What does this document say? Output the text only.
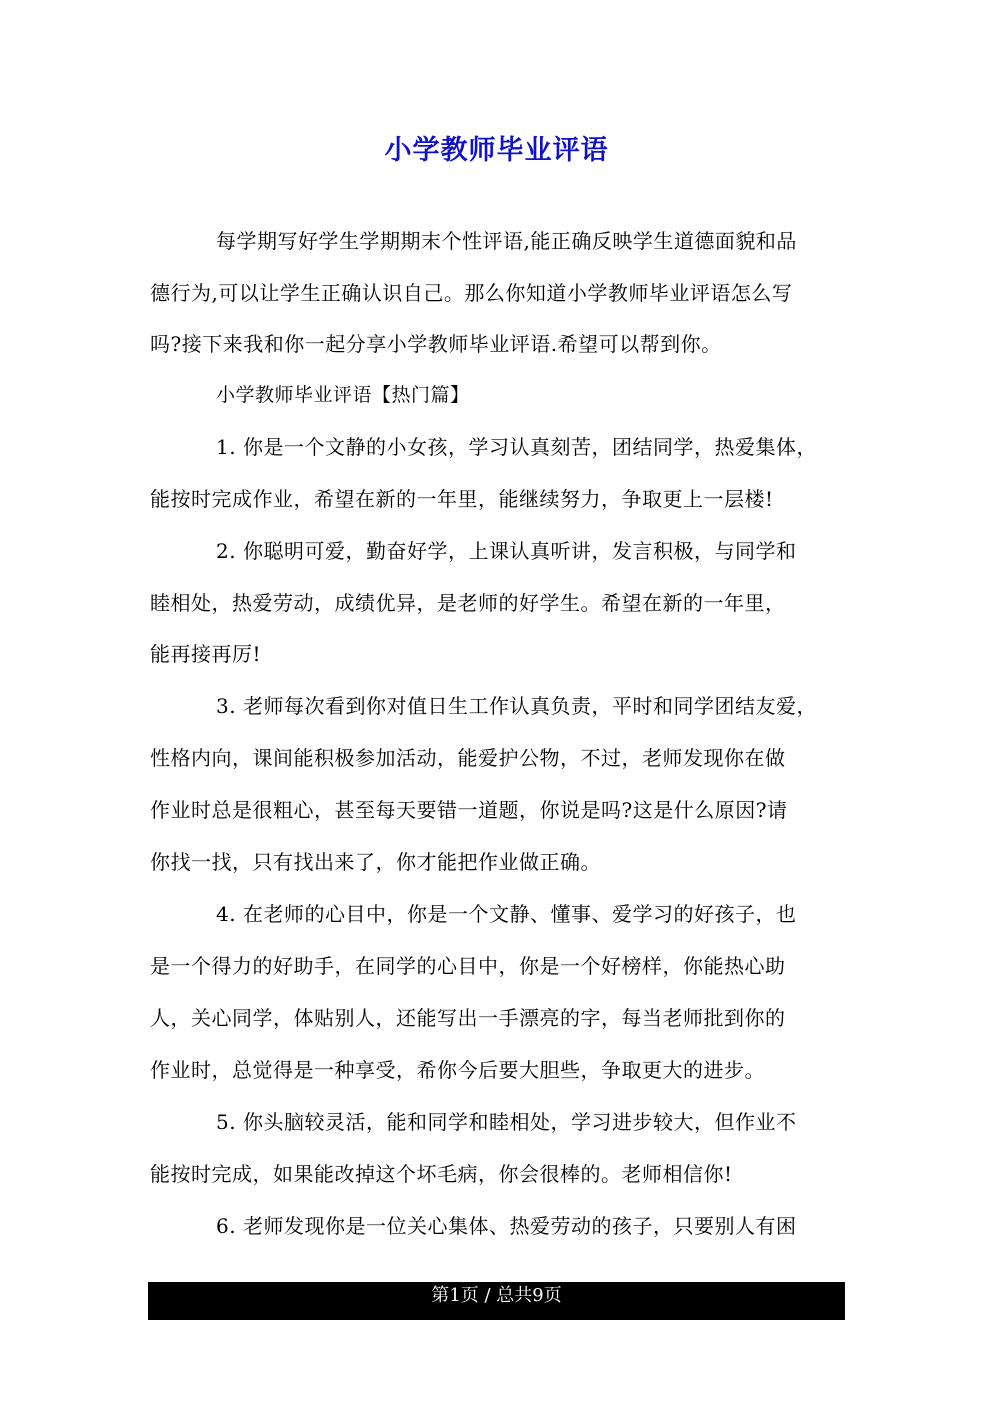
小学教师毕业评语
每学期写好学生学期期末个性评语,能正确反映学生道德面貌和品
德行为,可以让学生正确认识自己。那么你知道小学教师毕业评语怎么写
吗?接下来我和你一起分享小学教师毕业评语.希望可以帮到你。
小学教师毕业评语【热门篇】
1. 你是一个文静的小女孩，学习认真刻苦，团结同学，热爱集体，
能按时完成作业，希望在新的一年里，能继续努力，争取更上一层楼!
2. 你聪明可爱，勤奋好学，上课认真听讲，发言积极，与同学和
睦相处，热爱劳动，成绩优异，是老师的好学生。希望在新的一年里，
能再接再厉!
3. 老师每次看到你对值日生工作认真负责，平时和同学团结友爱，
性格内向，课间能积极参加活动，能爱护公物，不过，老师发现你在做
作业时总是很粗心，甚至每天要错一道题，你说是吗?这是什么原因?请
你找一找，只有找出来了，你才能把作业做正确。
4. 在老师的心目中，你是一个文静、懂事、爱学习的好孩子，也
是一个得力的好助手，在同学的心目中，你是一个好榜样，你能热心助
人，关心同学，体贴别人，还能写出一手漂亮的字，每当老师批到你的
作业时，总觉得是一种享受，希你今后要大胆些，争取更大的进步。
5. 你头脑较灵活，能和同学和睦相处，学习进步较大，但作业不
能按时完成，如果能改掉这个坏毛病，你会很棒的。老师相信你!
6. 老师发现你是一位关心集体、热爱劳动的孩子，只要别人有困
第1页 / 总共9页
